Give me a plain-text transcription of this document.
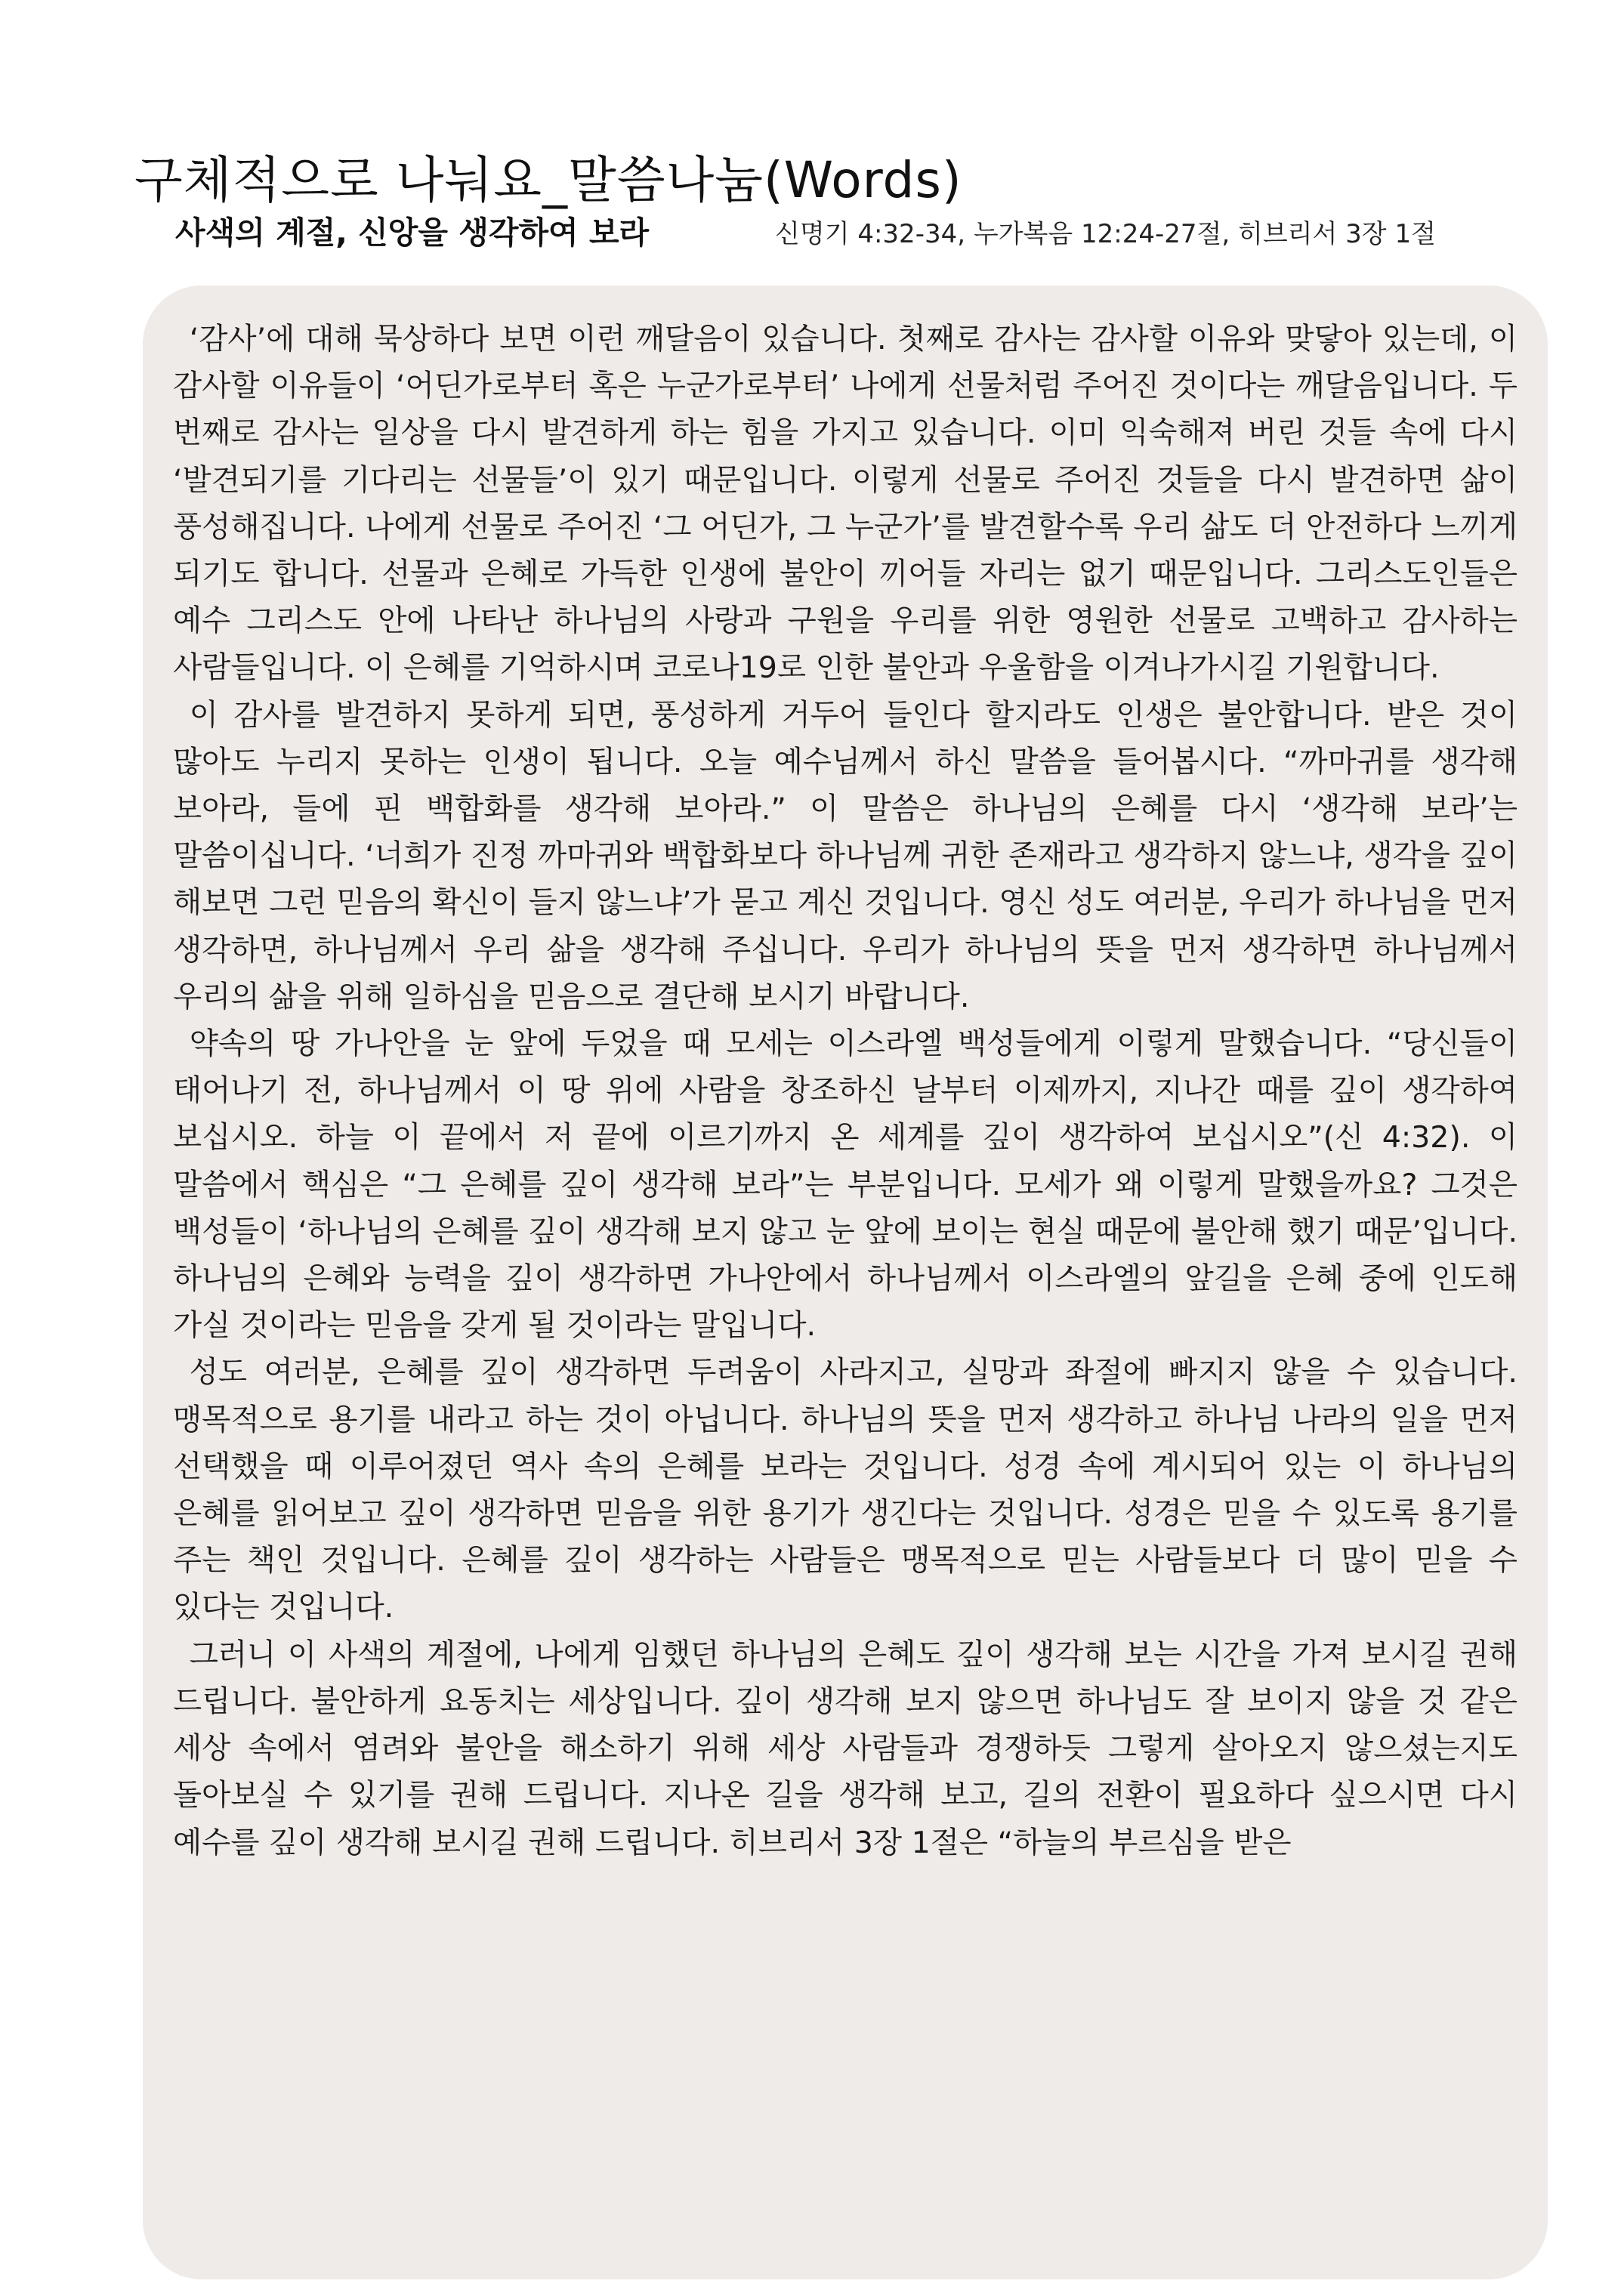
구체적으로 나눠요_말씀나눔(Words)
사색의 계절, 신앙을 생각하여 보라	신명기 4:32-34, 누가복음 12:24-27절, 히브리서 3장 1절

‘감사’에 대해 묵상하다 보면 이런 깨달음이 있습니다. 첫째로 감사는 감사할 이유와 맞닿아 있는데, 이 감사할 이유들이 ‘어딘가로부터 혹은 누군가로부터’ 나에게 선물처럼 주어진 것이다는 깨달음입니다. 두 번째로 감사는 일상을 다시 발견하게 하는 힘을 가지고 있습니다. 이미 익숙해져 버린 것들 속에 다시 ‘발견되기를 기다리는 선물들’이 있기 때문입니다. 이렇게 선물로 주어진 것들을 다시 발견하면 삶이 풍성해집니다. 나에게 선물로 주어진 ‘그 어딘가, 그 누군가’를 발견할수록 우리 삶도 더 안전하다 느끼게 되기도 합니다. 선물과 은혜로 가득한 인생에 불안이 끼어들 자리는 없기 때문입니다. 그리스도인들은 예수 그리스도 안에 나타난 하나님의 사랑과 구원을 우리를 위한 영원한 선물로 고백하고 감사하는 사람들입니다. 이 은혜를 기억하시며 코로나19로 인한 불안과 우울함을 이겨나가시길 기원합니다.

이 감사를 발견하지 못하게 되면, 풍성하게 거두어 들인다 할지라도 인생은 불안합니다. 받은 것이 많아도 누리지 못하는 인생이 됩니다. 오늘 예수님께서 하신 말씀을 들어봅시다. “까마귀를 생각해 보아라, 들에 핀 백합화를 생각해 보아라.” 이 말씀은 하나님의 은혜를 다시 ‘생각해 보라’는 말씀이십니다. ‘너희가 진정 까마귀와 백합화보다 하나님께 귀한 존재라고 생각하지 않느냐, 생각을 깊이 해보면 그런 믿음의 확신이 들지 않느냐’가 묻고 계신 것입니다. 영신 성도 여러분, 우리가 하나님을 먼저 생각하면, 하나님께서 우리 삶을 생각해 주십니다. 우리가 하나님의 뜻을 먼저 생각하면 하나님께서 우리의 삶을 위해 일하심을 믿음으로 결단해 보시기 바랍니다.

약속의 땅 가나안을 눈 앞에 두었을 때 모세는 이스라엘 백성들에게 이렇게 말했습니다. “당신들이 태어나기 전, 하나님께서 이 땅 위에 사람을 창조하신 날부터 이제까지, 지나간 때를 깊이 생각하여 보십시오. 하늘 이 끝에서 저 끝에 이르기까지 온 세계를 깊이 생각하여 보십시오”(신 4:32). 이 말씀에서 핵심은 “그 은혜를 깊이 생각해 보라”는 부분입니다. 모세가 왜 이렇게 말했을까요? 그것은 백성들이 ‘하나님의 은혜를 깊이 생각해 보지 않고 눈 앞에 보이는 현실 때문에 불안해 했기 때문’입니다. 하나님의 은혜와 능력을 깊이 생각하면 가나안에서 하나님께서 이스라엘의 앞길을 은혜 중에 인도해 가실 것이라는 믿음을 갖게 될 것이라는 말입니다.

성도 여러분, 은혜를 깊이 생각하면 두려움이 사라지고, 실망과 좌절에 빠지지 않을 수 있습니다. 맹목적으로 용기를 내라고 하는 것이 아닙니다. 하나님의 뜻을 먼저 생각하고 하나님 나라의 일을 먼저 선택했을 때 이루어졌던 역사 속의 은혜를 보라는 것입니다. 성경 속에 계시되어 있는 이 하나님의 은혜를 읽어보고 깊이 생각하면 믿음을 위한 용기가 생긴다는 것입니다. 성경은 믿을 수 있도록 용기를 주는 책인 것입니다. 은혜를 깊이 생각하는 사람들은 맹목적으로 믿는 사람들보다 더 많이 믿을 수 있다는 것입니다.

그러니 이 사색의 계절에, 나에게 임했던 하나님의 은혜도 깊이 생각해 보는 시간을 가져 보시길 권해 드립니다. 불안하게 요동치는 세상입니다. 깊이 생각해 보지 않으면 하나님도 잘 보이지 않을 것 같은 세상 속에서 염려와 불안을 해소하기 위해 세상 사람들과 경쟁하듯 그렇게 살아오지 않으셨는지도 돌아보실 수 있기를 권해 드립니다. 지나온 길을 생각해 보고, 길의 전환이 필요하다 싶으시면 다시 예수를 깊이 생각해 보시길 권해 드립니다. 히브리서 3장 1절은 “하늘의 부르심을 받은
